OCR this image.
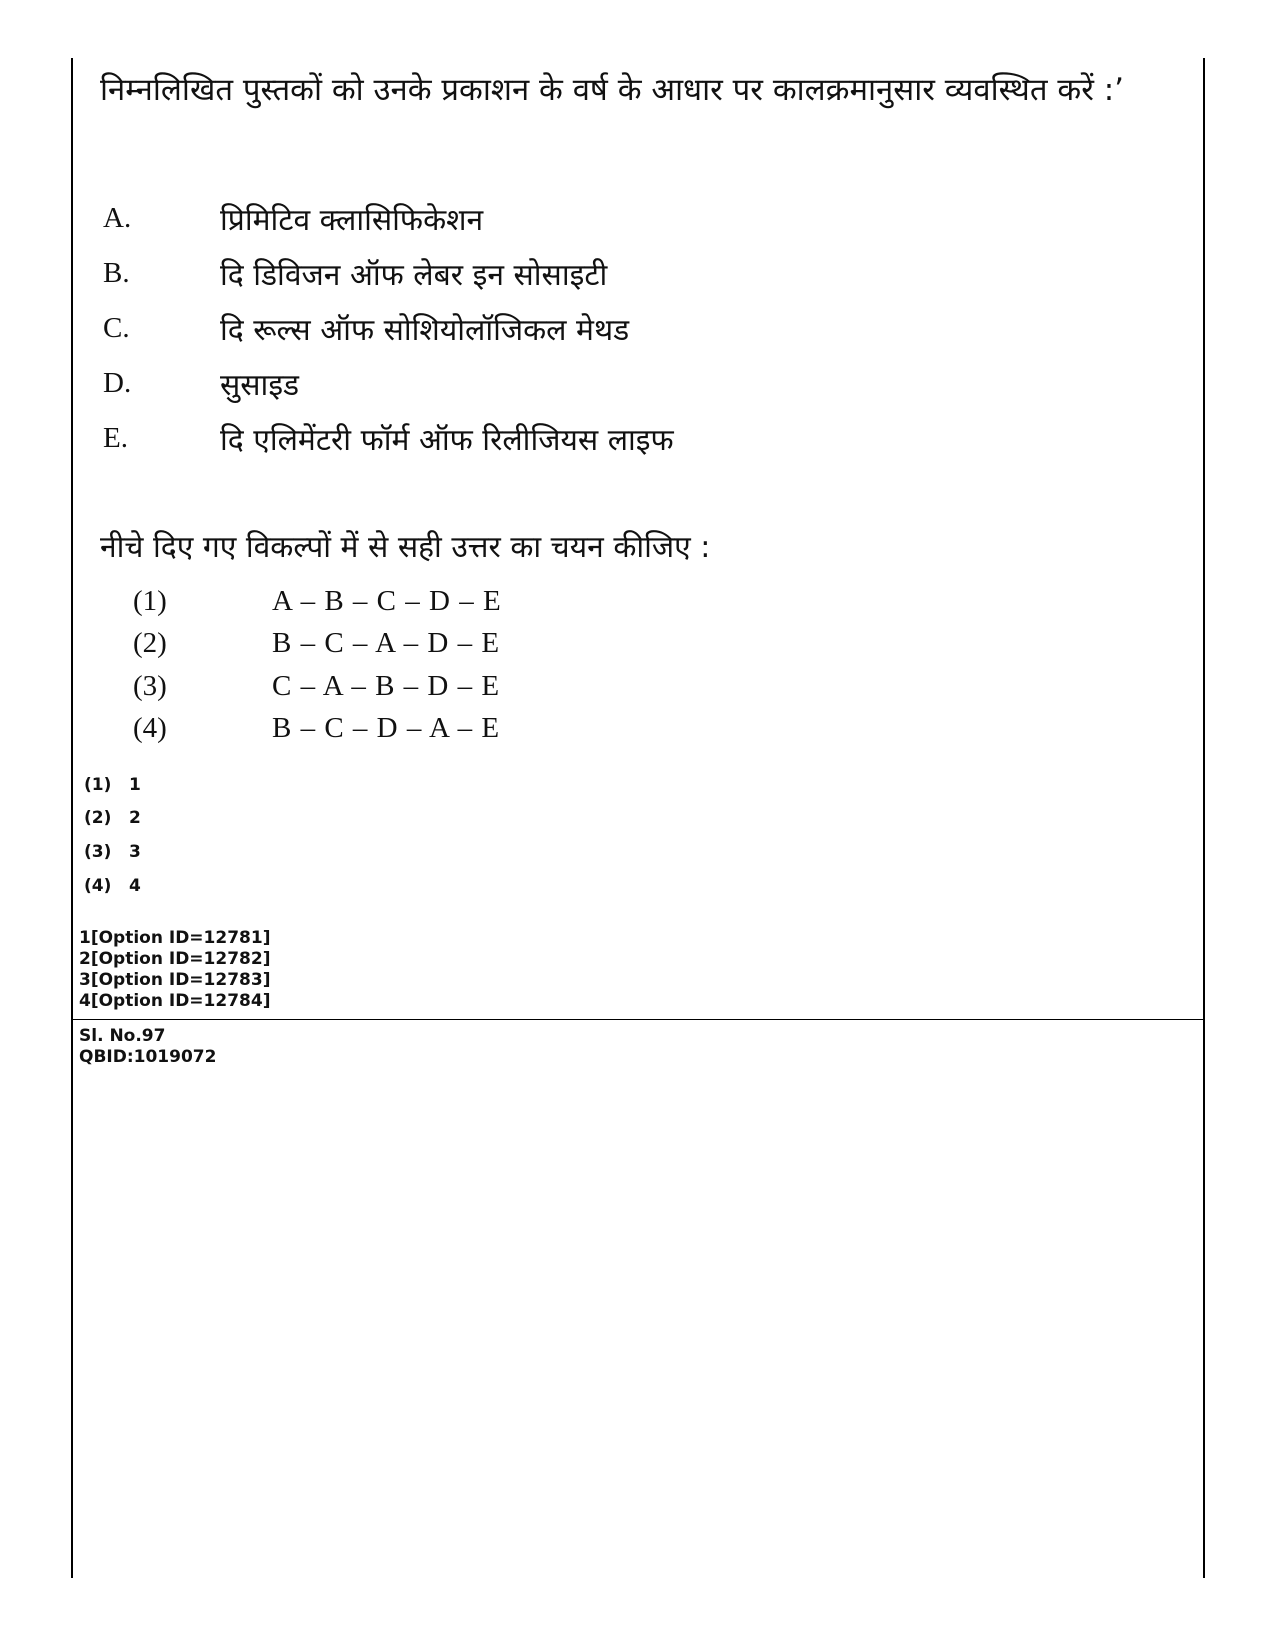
निम्नलिखित पुस्तकों को उनके प्रकाशन के वर्ष के आधार पर कालक्रमानुसार व्यवस्थित करें :’
A.	प्रिमिटिव क्लासिफिकेशन
B.	दि डिविजन ऑफ लेबर इन सोसाइटी
C.	दि रूल्स ऑफ सोशियोलॉजिकल मेथड
D.	सुसाइड
E.	दि एलिमेंटरी फॉर्म ऑफ रिलीजियस लाइफ
नीचे दिए गए विकल्पों में से सही उत्तर का चयन कीजिए :
(1)	A – B – C – D – E
(2)	B – C – A – D – E
(3)	C – A – B – D – E
(4)	B – C – D – A – E
(1) 1
(2) 2
(3) 3
(4) 4
1[Option ID=12781]
2[Option ID=12782]
3[Option ID=12783]
4[Option ID=12784]
Sl. No.97
QBID:1019072
